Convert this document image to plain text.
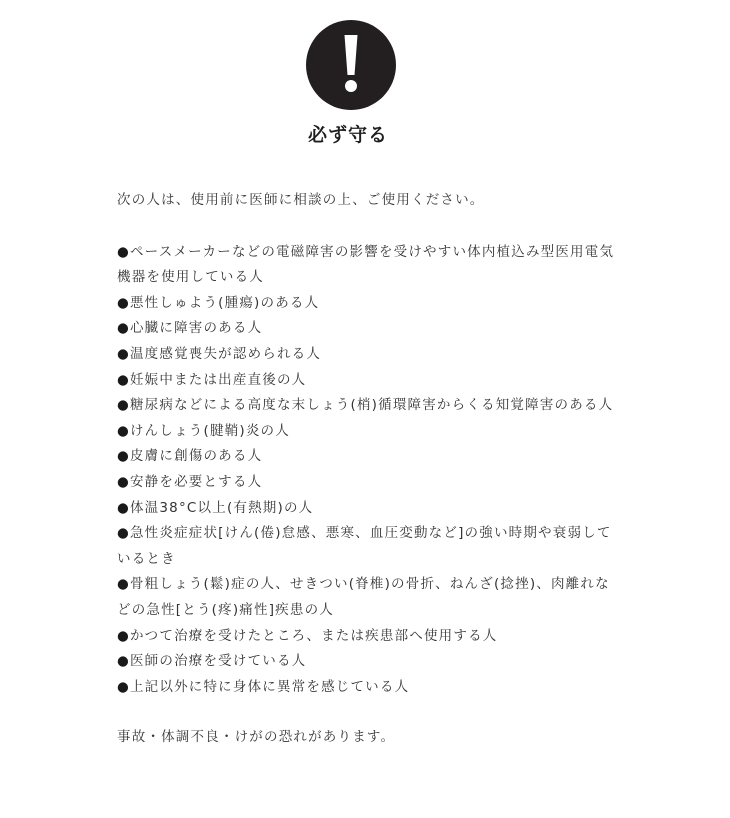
必ず守る

次の人は、使用前に医師に相談の上、ご使用ください。

●ペースメーカーなどの電磁障害の影響を受けやすい体内植込み型医用電気機器を使用している人
●悪性しゅよう(腫瘍)のある人
●心臓に障害のある人
●温度感覚喪失が認められる人
●妊娠中または出産直後の人
●糖尿病などによる高度な末しょう(梢)循環障害からくる知覚障害のある人
●けんしょう(腱鞘)炎の人
●皮膚に創傷のある人
●安静を必要とする人
●体温38°C以上(有熱期)の人
●急性炎症症状[けん(倦)怠感、悪寒、血圧変動など]の強い時期や衰弱しているとき
●骨粗しょう(鬆)症の人、せきつい(脊椎)の骨折、ねんざ(捻挫)、肉離れなどの急性[とう(疼)痛性]疾患の人
●かつて治療を受けたところ、または疾患部へ使用する人
●医師の治療を受けている人
●上記以外に特に身体に異常を感じている人

事故・体調不良・けがの恐れがあります。
